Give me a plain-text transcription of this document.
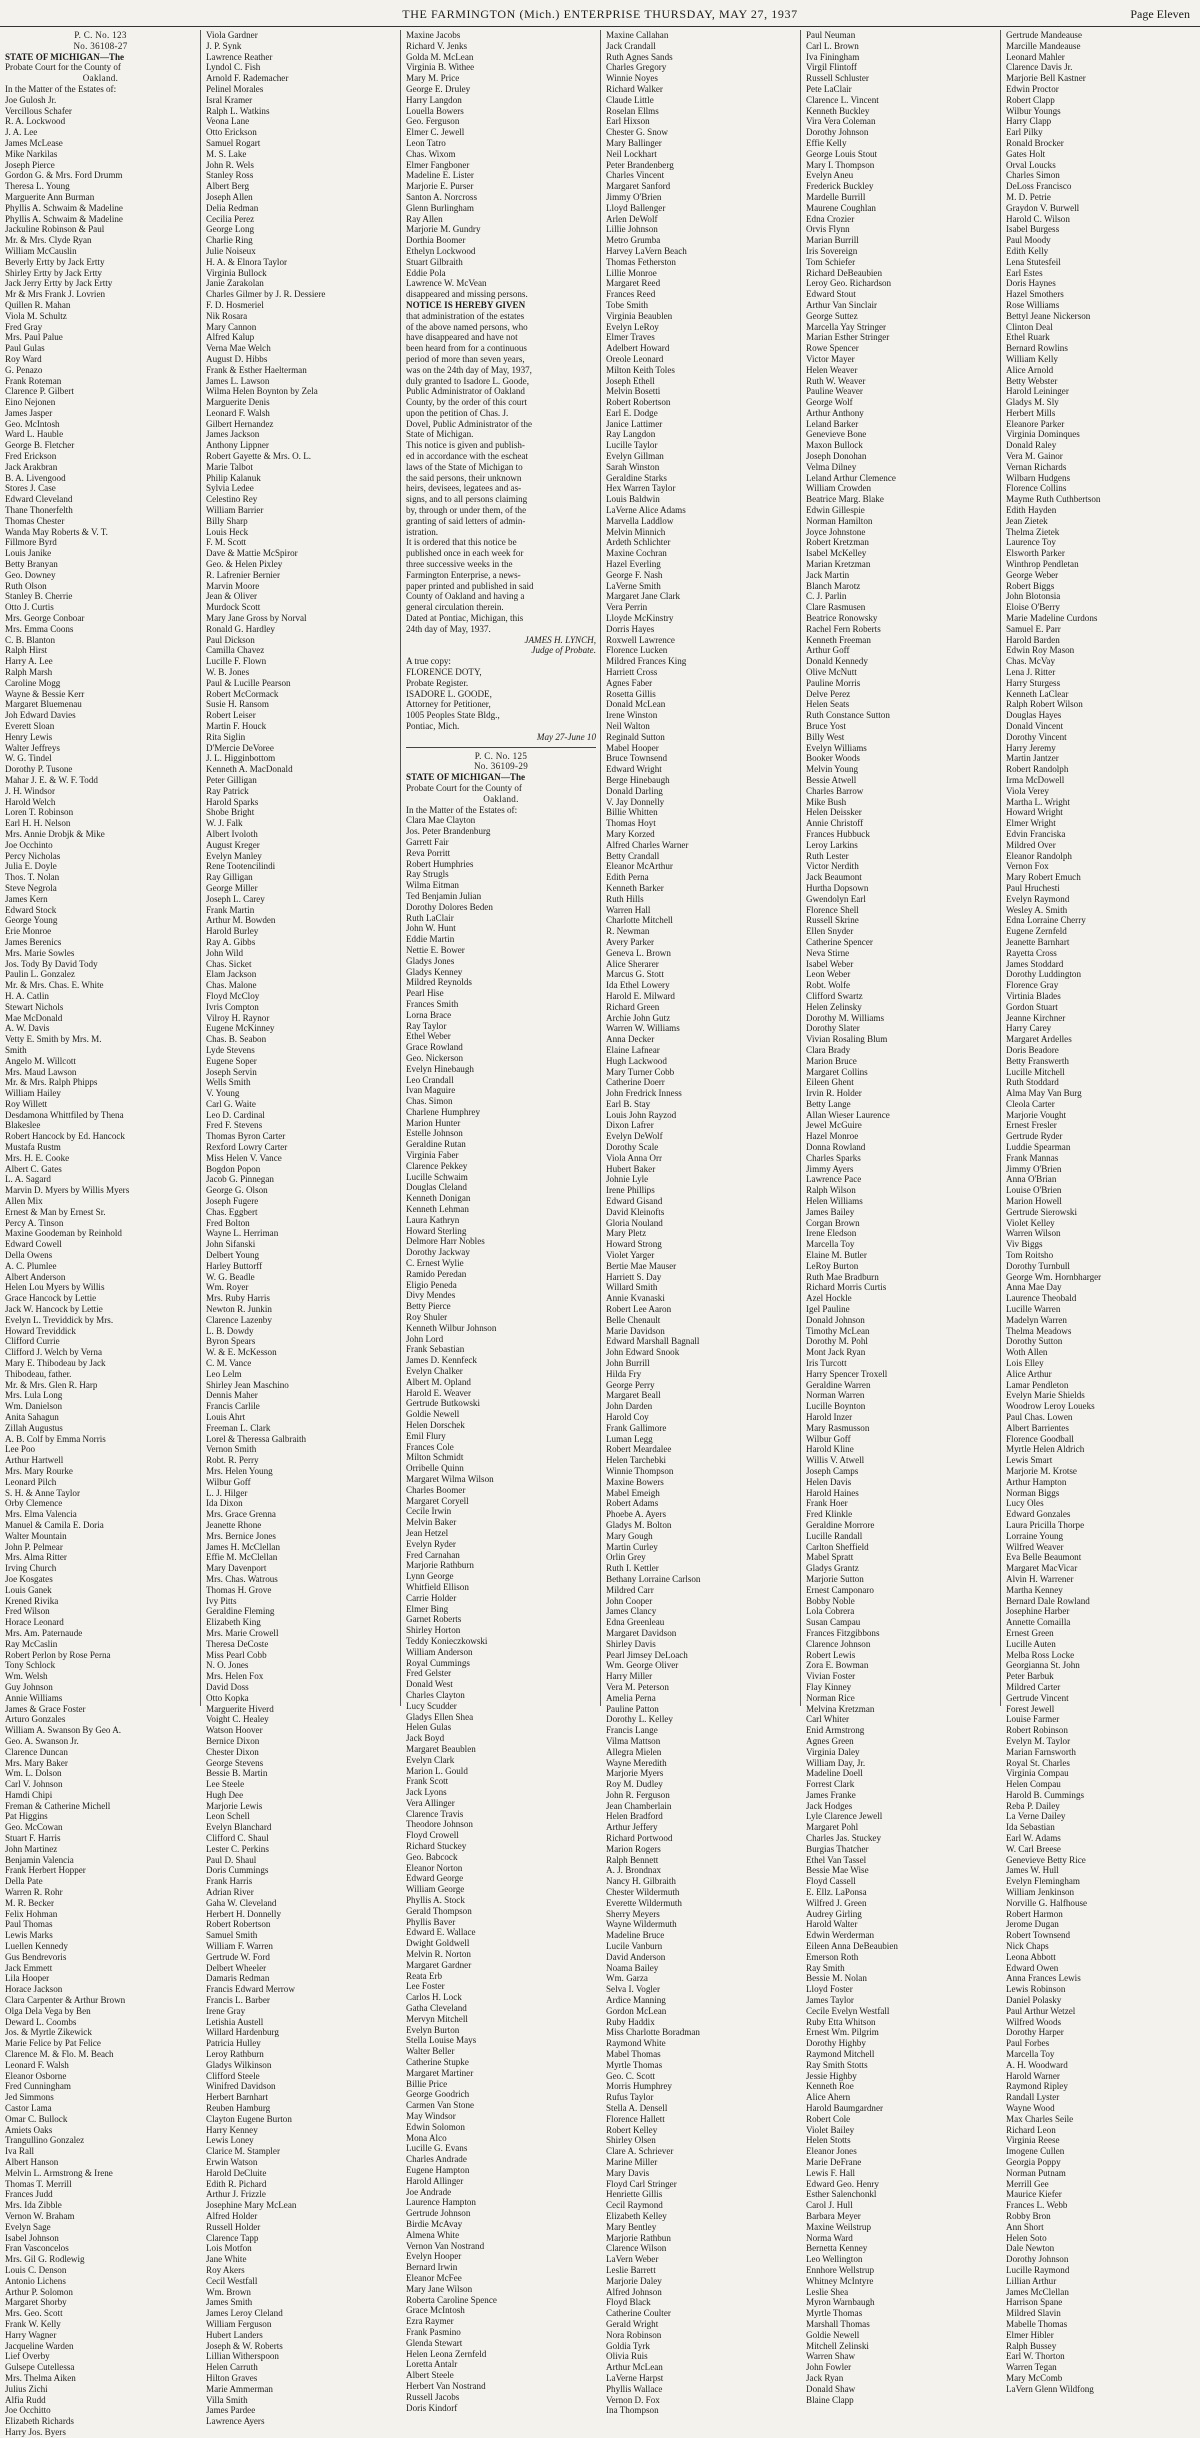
THE FARMINGTON (Mich.) ENTERPRISE THURSDAY, MAY 27, 1937	Page Eleven
P. C. No. 123
No. 36108-27
STATE OF MICHIGAN—The
Probate Court for the County of
Oakland.
In the Matter of the Estates of:
Joe Gulosh Jr.
Vercillous Schafer
R. A. Lockwood
J. A. Lee
James McLease
Mike Narkilas
Joseph Pierce
Gordon G. & Mrs. Ford Drumm
Theresa L. Young
Marguerite Ann Burman
Phyllis A. Schwaim & Madeline
Phyllis A. Schwaim & Madeline
Jackuline Robinson & Paul
Mr. & Mrs. Clyde Ryan
William McCauslin
Beverly Ertty by Jack Ertty
Shirley Ertty by Jack Ertty
Jack Jerry Ertty by Jack Ertty
Mr & Mrs Frank J. Lovrien
Quillen R. Mahan
Viola M. Schultz
Fred Gray
Mrs. Paul Palue
Paul Gulas
Roy Ward
G. Penazo
Frank Roteman
Clarence P. Gilbert
Eino Nejonen
James Jasper
Geo. McIntosh
Ward L. Hauble
George B. Fletcher
Fred Erickson
Jack Arakbran
B. A. Livengood
Stores J. Case
Edward Cleveland
Thane Thonerfelth
Thomas Chester
Wanda May Roberts & V. T.
Fillmore Byrd
Louis Janike
Betty Branyan
Geo. Downey
Ruth Olson
Stanley B. Cherrie
Otto J. Curtis
Mrs. George Conboar
Mrs. Emma Coons
C. B. Blanton
Ralph Hirst
Harry A. Lee
Ralph Marsh
Caroline Mogg
Wayne & Bessie Kerr
Margaret Bluemenau
Joh Edward Davies
Everett Sloan
Henry Lewis
Walter Jeffreys
W. G. Tindel
Dorothy P. Tusone
Mahar J. E. & W. F. Todd
J. H. Windsor
Harold Welch
Loren T. Robinson
Earl H. H. Nelson
Mrs. Annie Drobjk & Mike
Joe Occhinto
Percy Nicholas
Julia E. Doyle
Thos. T. Nolan
Steve Negrola
James Kern
Edward Stock
George Young
Erie Monroe
James Berenics
Mrs. Marie Sowles
Jos. Tody By David Tody
Paulin L. Gonzalez
Mr. & Mrs. Chas. E. White
H. A. Catlin
Stewart Nichols
Mae McDonald
A. W. Davis
Vetty E. Smith by Mrs. M.
Smith
Angelo M. Willcott
Mrs. Maud Lawson
Mr. & Mrs. Ralph Phipps
William Hailey
Roy Willett
Desdamona Whittfiled by Thena
Blakeslee
Robert Hancock by Ed. Hancock
Mustafa Rustm
Mrs. H. E. Cooke
Albert C. Gates
L. A. Sagard
Marvin D. Myers by Willis Myers
Allen Mix
Ernest & Man by Ernest Sr.
Percy A. Tinson
Maxine Goodeman by Reinhold
Edward Cowell
Della Owens
A. C. Plumlee
Albert Anderson
Helen Lou Myers by Willis
Grace Hancock by Lettie
Jack W. Hancock by Lettie
Evelyn L. Treviddick by Mrs.
Howard Treviddick
Clifford Currie
Clifford J. Welch by Verna
Mary E. Thibodeau by Jack
Thibodeau, father.
Mr. & Mrs. Glen R. Harp
Mrs. Lula Long
Wm. Danielson
Anita Sahagun
Zillah Augustus
A. B. Colf by Emma Norris
Lee Poo
Arthur Hartwell
Mrs. Mary Rourke
Leonard Pilch
S. H. & Anne Taylor
Orby Clemence
Mrs. Elma Valencia
Manuel & Camila E. Doria
Walter Mountain
John P. Pelmear
Mrs. Alma Ritter
Irving Church
Joe Kosgates
Louis Ganek
Krened Rivika
Fred Wilson
Horace Leonard
Mrs. Am. Paternaude
Ray McCaslin
Robert Perlon by Rose Perna
Tony Schlock
Wm. Welsh
Guy Johnson
Annie Williams
James & Grace Foster
Arturo Gonzales
William A. Swanson By Geo A.
Geo. A. Swanson Jr.
Clarence Duncan
Mrs. Mary Baker
Wm. L. Dolson
Carl V. Johnson
Hamdi Chipi
Freman & Catherine Michell
Pat Higgins
Geo. McCowan
Stuart F. Harris
John Martinez
Benjamin Valencia
Frank Herbert Hopper
Della Pate
Warren R. Rohr
M. R. Becker
Felix Hohman
Paul Thomas
Lewis Marks
Luellen Kennedy
Gus Bendrevoris
Jack Emmett
Lila Hooper
Horace Jackson
Clara Carpenter & Arthur Brown
Olga Dela Vega by Ben
Deward L. Coombs
Jos. & Myrtle Zikewick
Marie Felice by Pat Felice
Clarence M. & Flo. M. Beach
Leonard F. Walsh
Eleanor Osborne
Fred Cunningham
Jed Simmons
Castor Lama
Omar C. Bullock
Amiets Oaks
Trangullino Gonzalez
Iva Rall
Albert Hanson
Melvin L. Armstrong & Irene
Thomas T. Merrill
Frances Judd
Mrs. Ida Zibble
Vernon W. Braham
Evelyn Sage
Isabel Johnson
Fran Vasconcelos
Mrs. Gil G. Rodlewig
Louis C. Denson
Antonio Lichens
Arthur P. Solomon
Margaret Shorby
Mrs. Geo. Scott
Frank W. Kelly
Harry Wagner
Jacqueline Warden
Lief Overby
Gulsepe Cutellessa
Mrs. Thelma Aiken
Julius Zichi
Alfia Rudd
Joe Occhitto
Elizabeth Richards
Harry Jos. Byers
Viola Gardner
J. P. Synk
Lawrence Reather
Lyndol C. Fish
Arnold F. Rademacher
Pelinel Morales
Isral Kramer
Ralph L. Watkins
Veona Lane
Otto Erickson
Samuel Rogart
M. S. Lake
John R. Wels
Stanley Ross
Albert Berg
Joseph Allen
Delia Redman
Cecilia Perez
George Long
Charlie Ring
Julie Noiseux
H. A. & Elnora Taylor
Virginia Bullock
Janie Zarakolan
Charles Gilmer by J. R. Dessiere
F. D. Hosmeriel
Nik Rosara
Mary Cannon
Alfred Kalup
Verna Mae Welch
August D. Hibbs
Frank & Esther Haelterman
James L. Lawson
Wilma Helen Boynton by Zela
Marguerite Denis
Leonard F. Walsh
Gilbert Hernandez
James Jackson
Anthony Lippner
Robert Gayette & Mrs. O. L.
Marie Talbot
Philip Kalanuk
Sylvia Ledee
Celestino Rey
William Barrier
Billy Sharp
Louis Heck
F. M. Scott
Dave & Mattie McSpiror
Geo. & Helen Pixley
R. Lafrenier Bernier
Marvin Moore
Jean & Oliver
Murdock Scott
Mary Jane Gross by Norval
Ronald G. Hardley
Paul Dickson
Camilla Chavez
Lucille F. Flown
W. B. Jones
Paul & Lucille Pearson
Robert McCormack
Susie H. Ransom
Robert Leiser
Martin F. Houck
Rita Siglin
D'Mercie DeVoree
J. L. Higginbottom
Kenneth A. MacDonald
Peter Gilligan
Ray Patrick
Harold Sparks
Shobe Bright
W. J. Falk
Albert Ivoloth
August Kreger
Evelyn Manley
Rene Tootencilindi
Ray Gilligan
George Miller
Joseph L. Carey
Frank Martin
Arthur M. Bowden
Harold Burley
Ray A. Gibbs
John Wild
Chas. Sicket
Elam Jackson
Chas. Malone
Floyd McCloy
Ivris Compton
Vilroy H. Raynor
Eugene McKinney
Chas. B. Seabon
Lyde Stevens
Eugene Soper
Joseph Servin
Wells Smith
V. Young
Carl G. Waite
Leo D. Cardinal
Fred F. Stevens
Thomas Byron Carter
Rexford Lowry Carter
Miss Helen V. Vance
Bogdon Popon
Jacob G. Pinnegan
George G. Olson
Joseph Fugere
Chas. Eggbert
Fred Bolton
Wayne L. Herriman
John Sifanski
Delbert Young
Harley Buttorff
W. G. Beadle
Wm. Royer
Mrs. Ruby Harris
Newton R. Junkin
Clarence Lazenby
L. B. Dowdy
Byron Spears
W. & E. McKesson
C. M. Vance
Leo Lelm
Shirley Jean Maschino
Dennis Maher
Francis Carlile
Louis Ahrt
Freeman L. Clark
Lorel & Theressa Galbraith
Vernon Smith
Robt. R. Perry
Mrs. Helen Young
Wilbur Goff
L. J. Hilger
Ida Dixon
Mrs. Grace Grenna
Jeanette Rhone
Mrs. Bernice Jones
James H. McClellan
Effie M. McClellan
Mary Davenport
Mrs. Chas. Watrous
Thomas H. Grove
Ivy Pitts
Geraldine Fleming
Elizabeth King
Mrs. Marie Crowell
Theresa DeCoste
Miss Pearl Cobb
N. O. Jones
Mrs. Helen Fox
David Doss
Otto Kopka
Marguerite Hiverd
Voight C. Healey
Watson Hoover
Bernice Dixon
Chester Dixon
George Stevens
Bessie B. Martin
Lee Steele
Hugh Dee
Marjorie Lewis
Leon Schell
Evelyn Blanchard
Clifford C. Shaul
Lester C. Perkins
Paul D. Shaul
Doris Cummings
Frank Harris
Adrian River
Gaha W. Cleveland
Herbert H. Donnelly
Robert Robertson
Samuel Smith
William F. Warren
Gertrude W. Ford
Delbert Wheeler
Damaris Redman
Francis Edward Merrow
Francis L. Barber
Irene Gray
Letishia Austell
Willard Hardenburg
Patricia Hulley
Leroy Rathburn
Gladys Wilkinson
Clifford Steele
Winifred Davidson
Herbert Barnhart
Reuben Hamburg
Clayton Eugene Burton
Harry Kenney
Lewis Loney
Clarice M. Stampler
Erwin Watson
Harold DeCluite
Edith R. Pichard
Arthur J. Frizzle
Josephine Mary McLean
Alfred Holder
Russell Holder
Clarence Tapp
Lois Motfon
Jane White
Roy Akers
Cecil Westfall
Wm. Brown
James Smith
James Leroy Cleland
William Ferguson
Hubert Landers
Joseph & W. Roberts
Lillian Witherspoon
Helen Carruth
Hilton Graves
Marie Ammerman
Villa Smith
James Pardee
Lawrence Ayers
Maxine Jacobs
Richard V. Jenks
Golda M. McLean
Virginia B. Withee
Mary M. Price
George E. Druley
Harry Langdon
Louella Bowers
Geo. Ferguson
Elmer C. Jewell
Leon Tatro
Chas. Wixom
Elmer Fangboner
Madeline E. Lister
Marjorie E. Purser
Santon A. Norcross
Glenn Burlingham
Ray Allen
Marjorie M. Gundry
Dorthia Boomer
Ethelyn Lockwood
Stuart Gilbraith
Eddie Pola
Lawrence W. McVean
disappeared and missing persons.
NOTICE IS HEREBY GIVEN
that administration of the estates
of the above named persons, who
have disappeared and have not
been heard from for a continuous
period of more than seven years,
was on the 24th day of May, 1937,
duly granted to Isadore L. Goode,
Public Administrator of Oakland
County, by the order of this court
upon the petition of Chas. J.
Dovel, Public Administrator of the
State of Michigan.
This notice is given and publish-
ed in accordance with the escheat
laws of the State of Michigan to
the said persons, their unknown
heirs, devisees, legatees and as-
signs, and to all persons claiming
by, through or under them, of the
granting of said letters of admin-
istration.
It is ordered that this notice be
published once in each week for
three successive weeks in the
Farmington Enterprise, a news-
paper printed and published in said
County of Oakland and having a
general circulation therein.
Dated at Pontiac, Michigan, this
24th day of May, 1937.
JAMES H. LYNCH,
Judge of Probate.
A true copy:
FLORENCE DOTY,
Probate Register.
ISADORE L. GOODE,
Attorney for Petitioner,
1005 Peoples State Bldg.,
Pontiac, Mich.
May 27-June 10
P. C. No. 125
No. 36109-29
STATE OF MICHIGAN—The
Probate Court for the County of
Oakland.
In the Matter of the Estates of:
Clara Mae Clayton
Jos. Peter Brandenburg
Garrett Fair
Reva Porritt
Robert Humphries
Ray Strugls
Wilma Eitman
Ted Benjamin Julian
Dorothy Dolores Beden
Ruth LaClair
John W. Hunt
Eddie Martin
Nettie E. Bower
Gladys Jones
Gladys Kenney
Mildred Reynolds
Pearl Hise
Frances Smith
Lorna Brace
Ray Taylor
Ethel Weber
Grace Rowland
Geo. Nickerson
Evelyn Hinebaugh
Leo Crandall
Ivan Maguire
Chas. Simon
Charlene Humphrey
Marion Hunter
Estelle Johnson
Geraldine Rutan
Virginia Faber
Clarence Pekkey
Lucille Schwaim
Douglas Cleland
Kenneth Donigan
Kenneth Lehman
Laura Kathryn
Howard Sterling
Delmore Harr Nobles
Dorothy Jackway
C. Ernest Wylie
Ramido Peredan
Eligio Peneda
Divy Mendes
Betty Pierce
Roy Shuler
Kenneth Wilbur Johnson
John Lord
Frank Sebastian
James D. Kennfeck
Evelyn Chalker
Albert M. Opland
Harold E. Weaver
Gertrude Butkowski
Goldie Newell
Helen Dorschek
Emil Flury
Frances Cole
Milton Schmidt
Orribelle Quinn
Margaret Wilma Wilson
Charles Boomer
Margaret Coryell
Cecile Irwin
Melvin Baker
Jean Hetzel
Evelyn Ryder
Fred Carnahan
Marjorie Rathburn
Lynn George
Whitfield Ellison
Carrie Holder
Elmer Bing
Garnet Roberts
Shirley Horton
Teddy Konieczkowski
William Anderson
Royal Cummings
Fred Gelster
Donald West
Charles Clayton
Lucy Scudder
Gladys Ellen Shea
Helen Gulas
Jack Boyd
Margaret Beaublen
Evelyn Clark
Marion L. Gould
Frank Scott
Jack Lyons
Vera Allinger
Clarence Travis
Theodore Johnson
Floyd Crowell
Richard Stuckey
Geo. Babcock
Eleanor Norton
Edward George
William George
Phyllis A. Stock
Gerald Thompson
Phyllis Baver
Edward E. Wallace
Dwight Goldwell
Melvin R. Norton
Margaret Gardner
Reata Erb
Lee Foster
Carlos H. Lock
Gatha Cleveland
Mervyn Mitchell
Evelyn Burton
Stella Louise Mays
Walter Beller
Catherine Stupke
Margaret Martiner
Billie Price
George Goodrich
Carmen Van Stone
May Windsor
Edwin Solomon
Mona Alco
Lucille G. Evans
Charles Andrade
Eugene Hampton
Harold Allinger
Joe Andrade
Laurence Hampton
Gertrude Johnson
Birdie McAvay
Almena White
Vernon Van Nostrand
Evelyn Hooper
Bernard Irwin
Eleanor McFee
Mary Jane Wilson
Roberta Caroline Spence
Grace McIntosh
Ezra Raymer
Frank Pasmino
Glenda Stewart
Helen Leona Zernfeld
Loretta Antalr
Albert Steele
Herbert Van Nostrand
Russell Jacobs
Doris Kindorf
Maxine Callahan
Jack Crandall
Ruth Agnes Sands
Charles Gregory
Winnie Noyes
Richard Walker
Claude Little
Roselan Ellms
Earl Hixson
Chester G. Snow
Mary Ballinger
Neil Lockhart
Peter Brandenberg
Charles Vincent
Margaret Sanford
Jimmy O'Brien
Lloyd Ballenger
Arlen DeWolf
Lillie Johnson
Metro Grumba
Harvey LaVern Beach
Thomas Fetherston
Lillie Monroe
Margaret Reed
Frances Reed
Tobe Smith
Virginia Beaublen
Evelyn LeRoy
Elmer Traves
Adelbert Howard
Oreole Leonard
Milton Keith Toles
Joseph Ethell
Melvin Bosetti
Robert Robertson
Earl E. Dodge
Janice Lattimer
Ray Langdon
Lucille Taylor
Evelyn Gillman
Sarah Winston
Geraldine Starks
Hex Warren Taylor
Louis Baldwin
LaVerne Alice Adams
Marvella Laddlow
Melvin Minnich
Ardeth Schlichter
Maxine Cochran
Hazel Everling
George F. Nash
LaVerne Smith
Margaret Jane Clark
Vera Perrin
Lloyde McKinstry
Dorris Hayes
Roxwell Lawrence
Florence Lucken
Mildred Frances King
Harriett Cross
Agnes Faber
Rosetta Gillis
Donald McLean
Irene Winston
Neil Walton
Reginald Sutton
Mabel Hooper
Bruce Townsend
Edward Wright
Berge Hinebaugh
Donald Darling
V. Jay Donnelly
Billie Whitten
Thomas Hoyt
Mary Korzed
Alfred Charles Warner
Betty Crandall
Eleanor McArthur
Edith Perna
Kenneth Barker
Ruth Hills
Warren Hall
Charlotte Mitchell
R. Newman
Avery Parker
Geneva L. Brown
Alice Sherarer
Marcus G. Stott
Ida Ethel Lowery
Harold E. Milward
Richard Green
Archie John Gutz
Warren W. Williams
Anna Decker
Elaine Lafnear
Hugh Lackwood
Mary Turner Cobb
Catherine Doerr
John Fredrick Inness
Earl B. Stay
Louis John Rayzod
Dixon Lafrer
Evelyn DeWolf
Dorothy Scale
Viola Anna Orr
Hubert Baker
Johnie Lyle
Irene Phillips
Edward Gisand
David Kleinofts
Gloria Nouland
Mary Pletz
Howard Strong
Violet Yarger
Bertie Mae Mauser
Harriett S. Day
Willard Smith
Annie Kvanaski
Robert Lee Aaron
Belle Chenault
Marie Davidson
Edward Marshall Bagnall
John Edward Snook
John Burrill
Hilda Fry
George Perry
Margaret Beall
John Darden
Harold Coy
Frank Gallimore
Luman Legg
Robert Meardalee
Helen Tarchebki
Winnie Thompson
Maxine Bowers
Mabel Emeigh
Robert Adams
Phoebe A. Ayers
Gladys M. Bolton
Mary Gough
Martin Curley
Orlin Grey
Ruth I. Kettler
Bethany Lorraine Carlson
Mildred Carr
John Cooper
James Clancy
Edna Greenleau
Margaret Davidson
Shirley Davis
Pearl Jimsey DeLoach
Wm. George Oliver
Harry Miller
Vera M. Peterson
Amelia Perna
Pauline Patton
Dorothy L. Kelley
Francis Lange
Vilma Mattson
Allegra Mielen
Wayne Meredith
Marjorie Myers
Roy M. Dudley
John R. Ferguson
Jean Chamberlain
Helen Bradford
Arthur Jeffery
Richard Portwood
Marion Rogers
Ralph Bennett
A. J. Brondnax
Nancy H. Gilbraith
Chester Wildermuth
Everette Wildermuth
Sherry Meyers
Wayne Wildermuth
Madeline Bruce
Lucile Vanburn
David Anderson
Noama Bailey
Wm. Garza
Selva I. Vogler
Ardice Manning
Gordon McLean
Ruby Haddix
Miss Charlotte Boradman
Raymond White
Mabel Thomas
Myrtle Thomas
Geo. C. Scott
Morris Humphrey
Rufus Taylor
Stella A. Densell
Florence Hallett
Robert Kelley
Shirley Olsen
Clare A. Schriever
Marine Miller
Mary Davis
Floyd Carl Stringer
Henriette Gillis
Cecil Raymond
Elizabeth Kelley
Mary Bentley
Marjorie Rathbun
Clarence Wilson
LaVern Weber
Leslie Barrett
Marjorie Daley
Alfred Johnson
Floyd Black
Catherine Coulter
Gerald Wright
Nora Robinson
Goldia Tyrk
Olivia Ruis
Arthur McLean
LaVerne Harpst
Phyllis Wallace
Vernon D. Fox
Ina Thompson
Paul Neuman
Carl L. Brown
Iva Finingham
Virgil Flintoff
Russell Schluster
Pete LaClair
Clarence L. Vincent
Kenneth Buckley
Vira Vera Coleman
Dorothy Johnson
Effie Kelly
George Louis Stout
Mary I. Thompson
Evelyn Aneu
Frederick Buckley
Mardelle Burrill
Maurene Coughlan
Edna Crozier
Orvis Flynn
Marian Burrill
Iris Sovereign
Tom Schiefer
Richard DeBeaubien
Leroy Geo. Richardson
Edward Stout
Arthur Van Sinclair
George Suttez
Marcella Yay Stringer
Marian Esther Stringer
Rowe Spencer
Victor Mayer
Helen Weaver
Ruth W. Weaver
Pauline Weaver
George Wolf
Arthur Anthony
Leland Barker
Genevieve Bone
Maxon Bullock
Joseph Donohan
Velma Dilney
Leland Arthur Clemence
William Crowden
Beatrice Marg. Blake
Edwin Gillespie
Norman Hamilton
Joyce Johnstone
Robert Kretzman
Isabel McKelley
Marian Kretzman
Jack Martin
Blanch Marotz
C. J. Parlin
Clare Rasmusen
Beatrice Ronowsky
Rachel Fern Roberts
Kenneth Freeman
Arthur Goff
Donald Kennedy
Olive McNutt
Pauline Morris
Delve Perez
Helen Seats
Ruth Constance Sutton
Bruce Yost
Billy West
Evelyn Williams
Booker Woods
Melvin Young
Bessie Atwell
Charles Barrow
Mike Bush
Helen Deissker
Annie Christoff
Frances Hubbuck
Leroy Larkins
Ruth Lester
Victor Nerdith
Jack Beaumont
Hurtha Dopsown
Gwendolyn Earl
Florence Shell
Russell Skrine
Ellen Snyder
Catherine Spencer
Neva Stirne
Isabel Weber
Leon Weber
Robt. Wolfe
Clifford Swartz
Helen Zelinsky
Dorothy M. Williams
Dorothy Slater
Vivian Rosaling Blum
Clara Brady
Marion Bruce
Margaret Collins
Eileen Ghent
Irvin R. Holder
Betty Lange
Allan Wieser Laurence
Jewel McGuire
Hazel Monroe
Donna Rowland
Charles Sparks
Jimmy Ayers
Lawrence Pace
Ralph Wilson
Helen Williams
James Bailey
Corgan Brown
Irene Eledson
Marcella Toy
Elaine M. Butler
LeRoy Burton
Ruth Mae Bradburn
Richard Morris Curtis
Azel Hockle
Igel Pauline
Donald Johnson
Timothy McLean
Dorothy M. Pohl
Mont Jack Ryan
Iris Turcott
Harry Spencer Troxell
Geraldine Warren
Norman Warren
Lucille Boynton
Harold Inzer
Mary Rasmusson
Wilbur Goff
Harold Kline
Willis V. Atwell
Joseph Camps
Helen Davis
Harold Haines
Frank Hoer
Fred Klinkle
Geraldine Morrore
Lucille Randall
Carlton Sheffield
Mabel Spratt
Gladys Grantz
Marjorie Sutton
Ernest Camponaro
Bobby Noble
Lola Cobrera
Susan Campau
Frances Fitzgibbons
Clarence Johnson
Robert Lewis
Zora E. Bowman
Vivian Foster
Flay Kinney
Norman Rice
Melvina Kretzman
Carl Whiter
Enid Armstrong
Agnes Green
Virginia Daley
William Day, Jr.
Madeline Doell
Forrest Clark
James Franke
Jack Hodges
Lyle Clarence Jewell
Margaret Pohl
Charles Jas. Stuckey
Burgias Thatcher
Ethel Van Tassel
Bessie Mae Wise
Floyd Cassell
E. Ellz. LaPonsa
Wilfred J. Green
Audrey Girling
Harold Walter
Edwin Werderman
Eileen Anna DeBeaubien
Emerson Roth
Ray Smith
Bessie M. Nolan
Lloyd Foster
James Taylor
Cecile Evelyn Westfall
Ruby Etta Whitson
Ernest Wm. Pilgrim
Dorothy Highby
Raymond Mitchell
Ray Smith Stotts
Jessie Highby
Kenneth Roe
Alice Ahern
Harold Baumgardner
Robert Cole
Violet Bailey
Helen Stotts
Eleanor Jones
Marie DeFrane
Lewis F. Hall
Edward Geo. Henry
Esther Salenchonkl
Carol J. Hull
Barbara Meyer
Maxine Weilstrup
Norma Ward
Bernetta Kenney
Leo Wellington
Ennhore Wellstrup
Whitney McIntyre
Leslie Shea
Myron Warnbaugh
Myrtle Thomas
Marshall Thomas
Goldie Newell
Mitchell Zelinski
Warren Shaw
John Fowler
Jack Ryan
Donald Shaw
Blaine Clapp
Gertrude Mandeause
Marcille Mandeause
Leonard Mahler
Clarence Davis Jr.
Marjorie Bell Kastner
Edwin Proctor
Robert Clapp
Wilbur Youngs
Harry Clapp
Earl Pilky
Ronald Brocker
Gates Holt
Orval Loucks
Charles Simon
DeLoss Francisco
M. D. Petrie
Graydon V. Burwell
Harold C. Wilson
Isabel Burgess
Paul Moody
Edith Kelly
Lena Stutesfeil
Earl Estes
Doris Haynes
Hazel Smothers
Rose Williams
Bettyl Jeane Nickerson
Clinton Deal
Ethel Ruark
Bernard Rowlins
William Kelly
Alice Arnold
Betty Webster
Harold Leininger
Gladys M. Sly
Herbert Mills
Eleanore Parker
Virginia Dominques
Donald Raley
Vera M. Gainor
Vernan Richards
Wilbarn Hudgens
Florence Collins
Mayme Ruth Cuthbertson
Edith Hayden
Jean Zietek
Thelma Zietek
Laurence Toy
Elsworth Parker
Winthrop Pendletan
George Weber
Robert Biggs
John Blotonsia
Eloise O'Berry
Marie Madeline Curdons
Samuel E. Parr
Harold Barden
Edwin Roy Mason
Chas. McVay
Lena J. Ritter
Harry Sturgess
Kenneth LaClear
Ralph Robert Wilson
Douglas Hayes
Donald Vincent
Dorothy Vincent
Harry Jeremy
Martin Jantzer
Robert Randolph
Irma McDowell
Viola Verey
Martha L. Wright
Howard Wright
Elmer Wright
Edvin Franciska
Mildred Over
Eleanor Randolph
Vernon Fox
Mary Robert Emuch
Paul Hruchesti
Evelyn Raymond
Wesley A. Smith
Edna Lorraine Cherry
Eugene Zernfeld
Jeanette Barnhart
Rayetta Cross
James Stoddard
Dorothy Luddington
Florence Gray
Virtinia Blades
Gordon Stuart
Jeanne Kirchner
Harry Carey
Margaret Ardelles
Doris Beadore
Betty Franswerth
Lucille Mitchell
Ruth Stoddard
Alma May Van Burg
Cleola Carter
Marjorie Vought
Ernest Fresler
Gertrude Ryder
Luddie Spearman
Frank Mannas
Jimmy O'Brien
Anna O'Brian
Louise O'Brien
Marion Howell
Gertrude Sierowski
Violet Kelley
Warren Wilson
Viv Biggs
Tom Roitsho
Dorothy Turnbull
George Wm. Hornbharger
Anna Mae Day
Laurence Theobald
Lucille Warren
Madelyn Warren
Thelma Meadows
Dorothy Sutton
Woth Allen
Lois Elley
Alice Arthur
Lamar Pendleton
Evelyn Marie Shields
Woodrow Leroy Loueks
Paul Chas. Lowen
Albert Barrientes
Florence Goodball
Myrtle Helen Aldrich
Lewis Smart
Marjorie M. Krotse
Arthur Hampton
Norman Biggs
Lucy Oles
Edward Gonzales
Laura Pricilla Thorpe
Lorraine Young
Wilfred Weaver
Eva Belle Beaumont
Margaret MacVicar
Alvin H. Warrener
Martha Kenney
Bernard Dale Rowland
Josephine Harber
Annette Comailla
Ernest Green
Lucille Auten
Melba Ross Locke
Georgianna St. John
Peter Barbuk
Mildred Carter
Gertrude Vincent
Forest Jewell
Louise Farmer
Robert Robinson
Evelyn M. Taylor
Marian Farnsworth
Royal St. Charles
Virginia Compau
Helen Compau
Harold B. Cummings
Reba P. Dailey
La Verne Dailey
Ida Sebastian
Earl W. Adams
W. Carl Breese
Genevieve Betty Rice
James W. Hull
Evelyn Flemingham
William Jenkinson
Norville G. Halfhouse
Robert Harmon
Jerome Dugan
Robert Townsend
Nick Chaps
Leona Abbott
Edward Owen
Anna Frances Lewis
Lewis Robinson
Daniel Polasky
Paul Arthur Wetzel
Wilfred Woods
Dorothy Harper
Paul Forbes
Marcella Toy
A. H. Woodward
Harold Warner
Raymond Ripley
Randall Lyster
Wayne Wood
Max Charles Seile
Richard Leon
Virginia Reese
Imogene Cullen
Georgia Poppy
Norman Putnam
Merrill Gee
Maurice Kiefer
Frances L. Webb
Robby Bron
Ann Short
Helen Soto
Dale Newton
Dorothy Johnson
Lucille Raymond
Lillian Arthur
James McClellan
Harrison Spane
Mildred Slavin
Mabelle Thomas
Elmer Hibler
Ralph Bussey
Earl W. Thorton
Warren Tegan
Mary McComb
LaVern Glenn Wildfong
